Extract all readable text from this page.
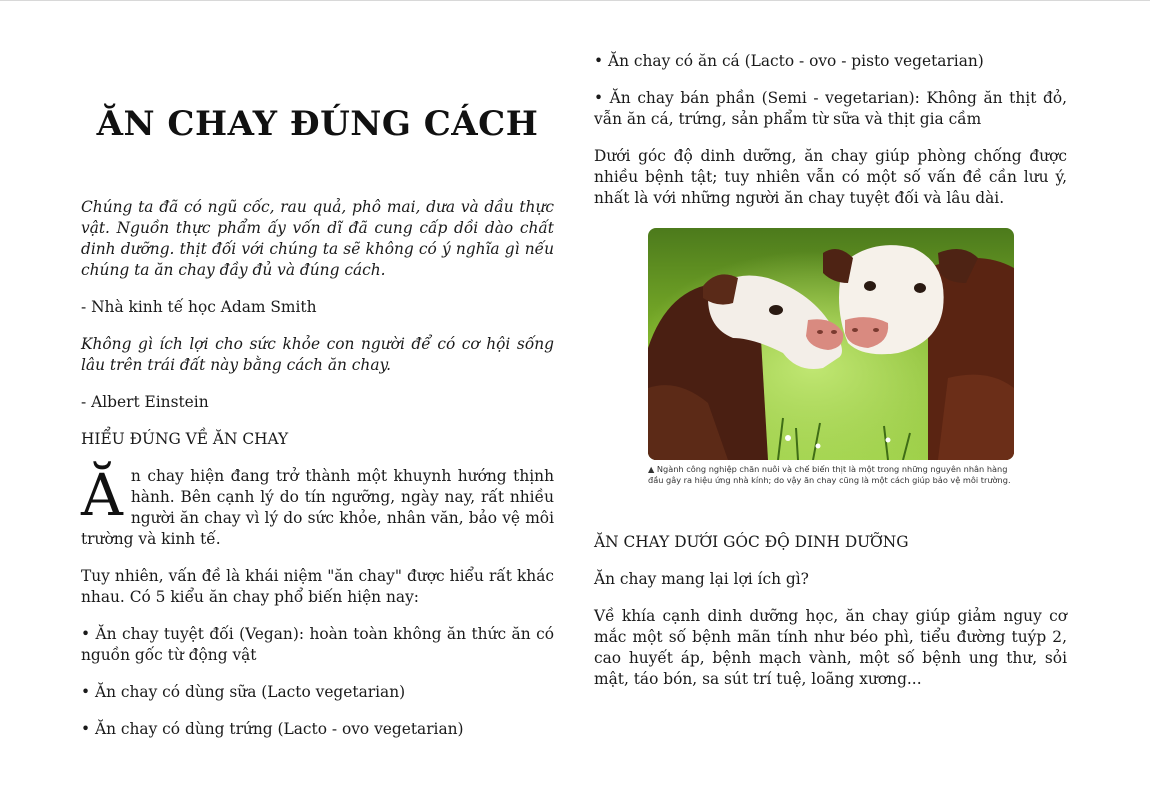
ĂN CHAY ĐÚNG CÁCH

Chúng ta đã có ngũ cốc, rau quả, phô mai, dưa và dầu thực vật. Nguồn thực phẩm ấy vốn dĩ đã cung cấp dồi dào chất dinh dưỡng. thịt đối với chúng ta sẽ không có ý nghĩa gì nếu chúng ta ăn chay đầy đủ và đúng cách.

- Nhà kinh tế học Adam Smith

Không gì ích lợi cho sức khỏe con người để có cơ hội sống lâu trên trái đất này bằng cách ăn chay.

- Albert Einstein

HIỂU ĐÚNG VỀ ĂN CHAY

Ă n chay hiện đang trở thành một khuynh hướng thịnh hành. Bên cạnh lý do tín ngưỡng, ngày nay, rất nhiều người ăn chay vì lý do sức khỏe, nhân văn, bảo vệ môi trường và kinh tế.

Tuy nhiên, vấn đề là khái niệm "ăn chay" được hiểu rất khác nhau. Có 5 kiểu ăn chay phổ biến hiện nay:

• Ăn chay tuyệt đối (Vegan): hoàn toàn không ăn thức ăn có nguồn gốc từ động vật

• Ăn chay có dùng sữa (Lacto vegetarian)

• Ăn chay có dùng trứng (Lacto - ovo vegetarian)

• Ăn chay có ăn cá (Lacto - ovo - pisto vegetarian)

• Ăn chay bán phần (Semi - vegetarian): Không ăn thịt đỏ, vẫn ăn cá, trứng, sản phẩm từ sữa và thịt gia cầm

Dưới góc độ dinh dưỡng, ăn chay giúp phòng chống được nhiều bệnh tật; tuy nhiên vẫn có một số vấn đề cần lưu ý, nhất là với những người ăn chay tuyệt đối và lâu dài.

ĂN CHAY DƯỚI GÓC ĐỘ DINH DƯỠNG

Ăn chay mang lại lợi ích gì?

Về khía cạnh dinh dưỡng học, ăn chay giúp giảm nguy cơ mắc một số bệnh mãn tính như béo phì, tiểu đường tuýp 2, cao huyết áp, bệnh mạch vành, một số bệnh ung thư, sỏi mật, táo bón, sa sút trí tuệ, loãng xương...

▲ Ngành công nghiệp chăn nuôi và chế biến thịt là một trong những nguyên nhân hàng đầu gây ra hiệu ứng nhà kính; do vậy ăn chay cũng là một cách giúp bảo vệ môi trường.
